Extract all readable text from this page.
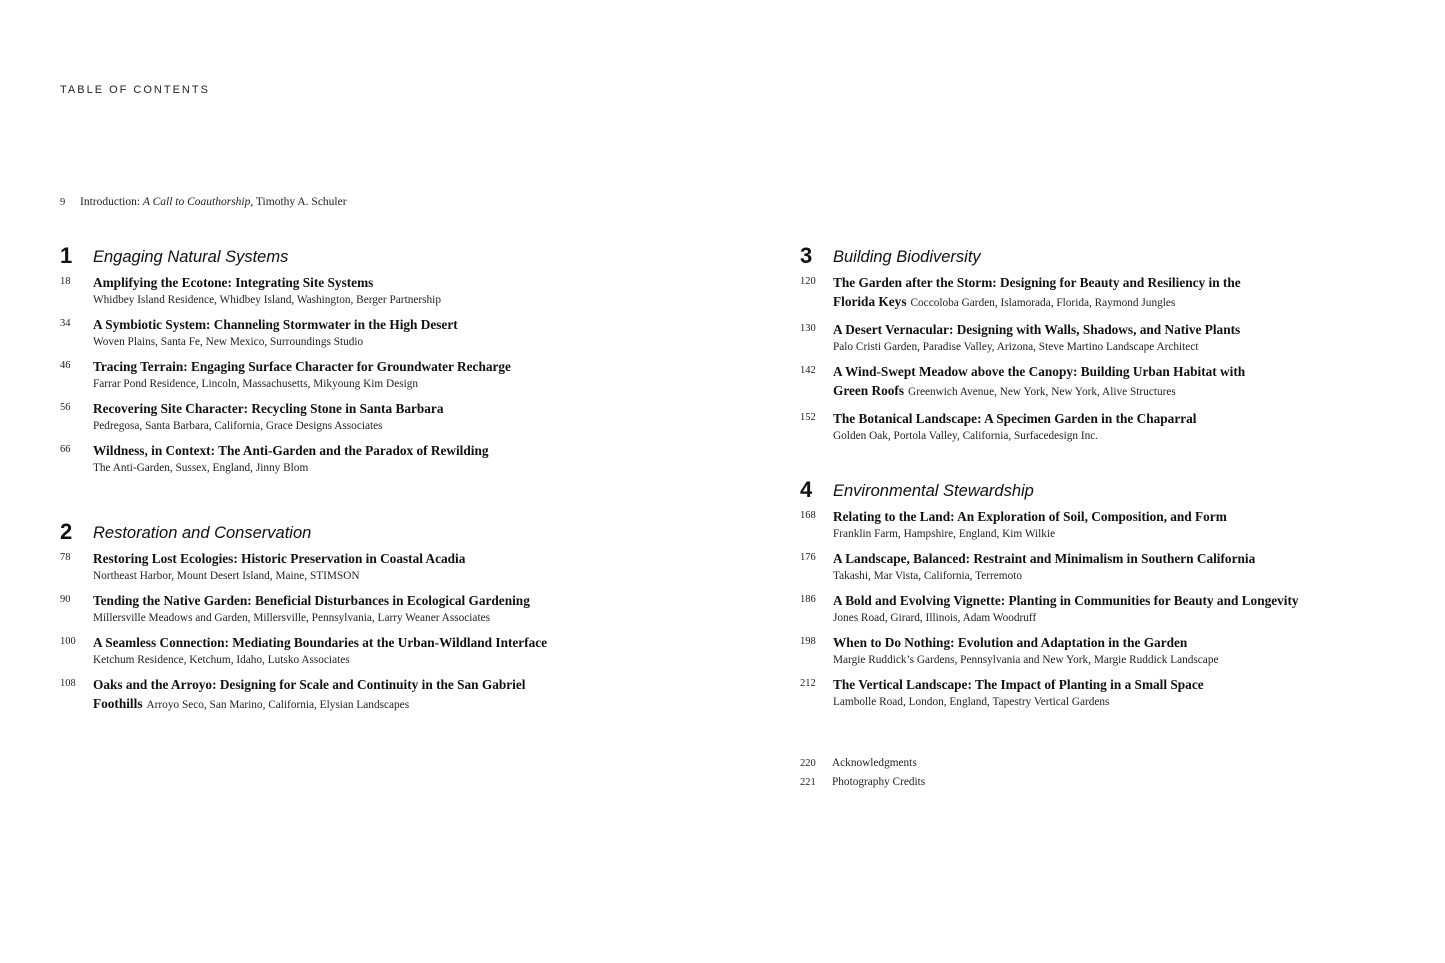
TABLE OF CONTENTS
9 Introduction: A Call to Coauthorship, Timothy A. Schuler
1 Engaging Natural Systems
18 Amplifying the Ecotone: Integrating Site Systems
Whidbey Island Residence, Whidbey Island, Washington, Berger Partnership
34 A Symbiotic System: Channeling Stormwater in the High Desert
Woven Plains, Santa Fe, New Mexico, Surroundings Studio
46 Tracing Terrain: Engaging Surface Character for Groundwater Recharge
Farrar Pond Residence, Lincoln, Massachusetts, Mikyoung Kim Design
56 Recovering Site Character: Recycling Stone in Santa Barbara
Pedregosa, Santa Barbara, California, Grace Designs Associates
66 Wildness, in Context: The Anti-Garden and the Paradox of Rewilding
The Anti-Garden, Sussex, England, Jinny Blom
2 Restoration and Conservation
78 Restoring Lost Ecologies: Historic Preservation in Coastal Acadia
Northeast Harbor, Mount Desert Island, Maine, STIMSON
90 Tending the Native Garden: Beneficial Disturbances in Ecological Gardening
Millersville Meadows and Garden, Millersville, Pennsylvania, Larry Weaner Associates
100 A Seamless Connection: Mediating Boundaries at the Urban-Wildland Interface
Ketchum Residence, Ketchum, Idaho, Lutsko Associates
108 Oaks and the Arroyo: Designing for Scale and Continuity in the San Gabriel
Foothills Arroyo Seco, San Marino, California, Elysian Landscapes
3 Building Biodiversity
120 The Garden after the Storm: Designing for Beauty and Resiliency in the
Florida Keys Coccoloba Garden, Islamorada, Florida, Raymond Jungles
130 A Desert Vernacular: Designing with Walls, Shadows, and Native Plants
Palo Cristi Garden, Paradise Valley, Arizona, Steve Martino Landscape Architect
142 A Wind-Swept Meadow above the Canopy: Building Urban Habitat with
Green Roofs Greenwich Avenue, New York, New York, Alive Structures
152 The Botanical Landscape: A Specimen Garden in the Chaparral
Golden Oak, Portola Valley, California, Surfacedesign Inc.
4 Environmental Stewardship
168 Relating to the Land: An Exploration of Soil, Composition, and Form
Franklin Farm, Hampshire, England, Kim Wilkie
176 A Landscape, Balanced: Restraint and Minimalism in Southern California
Takashi, Mar Vista, California, Terremoto
186 A Bold and Evolving Vignette: Planting in Communities for Beauty and Longevity
Jones Road, Girard, Illinois, Adam Woodruff
198 When to Do Nothing: Evolution and Adaptation in the Garden
Margie Ruddick’s Gardens, Pennsylvania and New York, Margie Ruddick Landscape
212 The Vertical Landscape: The Impact of Planting in a Small Space
Lambolle Road, London, England, Tapestry Vertical Gardens
220 Acknowledgments
221 Photography Credits
